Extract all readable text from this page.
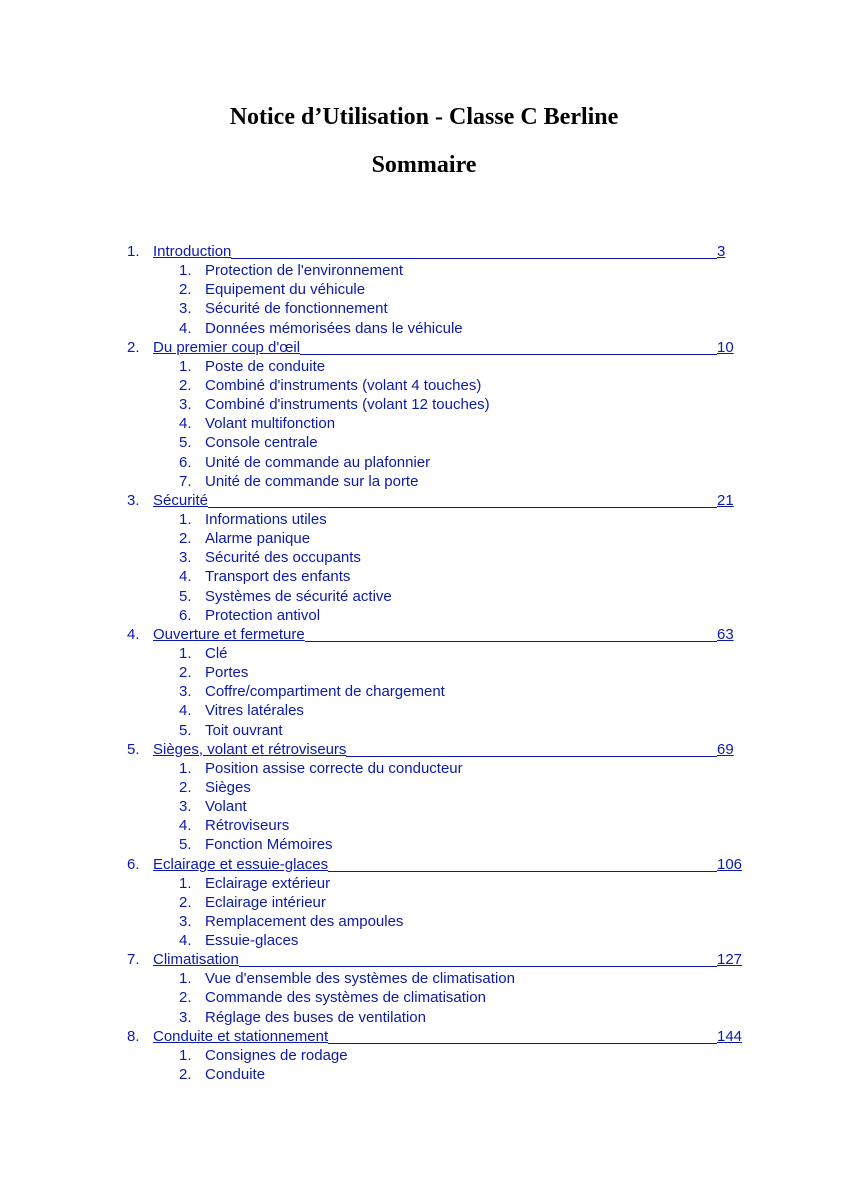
Notice d’Utilisation - Classe C Berline
Sommaire
1. Introduction	3
1. Protection de l'environnement
2. Equipement du véhicule
3. Sécurité de fonctionnement
4. Données mémorisées dans le véhicule
2. Du premier coup d'œil	10
1. Poste de conduite
2. Combiné d'instruments (volant 4 touches)
3. Combiné d'instruments (volant 12 touches)
4. Volant multifonction
5. Console centrale
6. Unité de commande au plafonnier
7. Unité de commande sur la porte
3. Sécurité	21
1. Informations utiles
2. Alarme panique
3. Sécurité des occupants
4. Transport des enfants
5. Systèmes de sécurité active
6. Protection antivol
4. Ouverture et fermeture	63
1. Clé
2. Portes
3. Coffre/compartiment de chargement
4. Vitres latérales
5. Toit ouvrant
5. Sièges, volant et rétroviseurs	69
1. Position assise correcte du conducteur
2. Sièges
3. Volant
4. Rétroviseurs
5. Fonction Mémoires
6. Eclairage et essuie-glaces	106
1. Eclairage extérieur
2. Eclairage intérieur
3. Remplacement des ampoules
4. Essuie-glaces
7. Climatisation	127
1. Vue d'ensemble des systèmes de climatisation
2. Commande des systèmes de climatisation
3. Réglage des buses de ventilation
8. Conduite et stationnement	144
1. Consignes de rodage
2. Conduite
